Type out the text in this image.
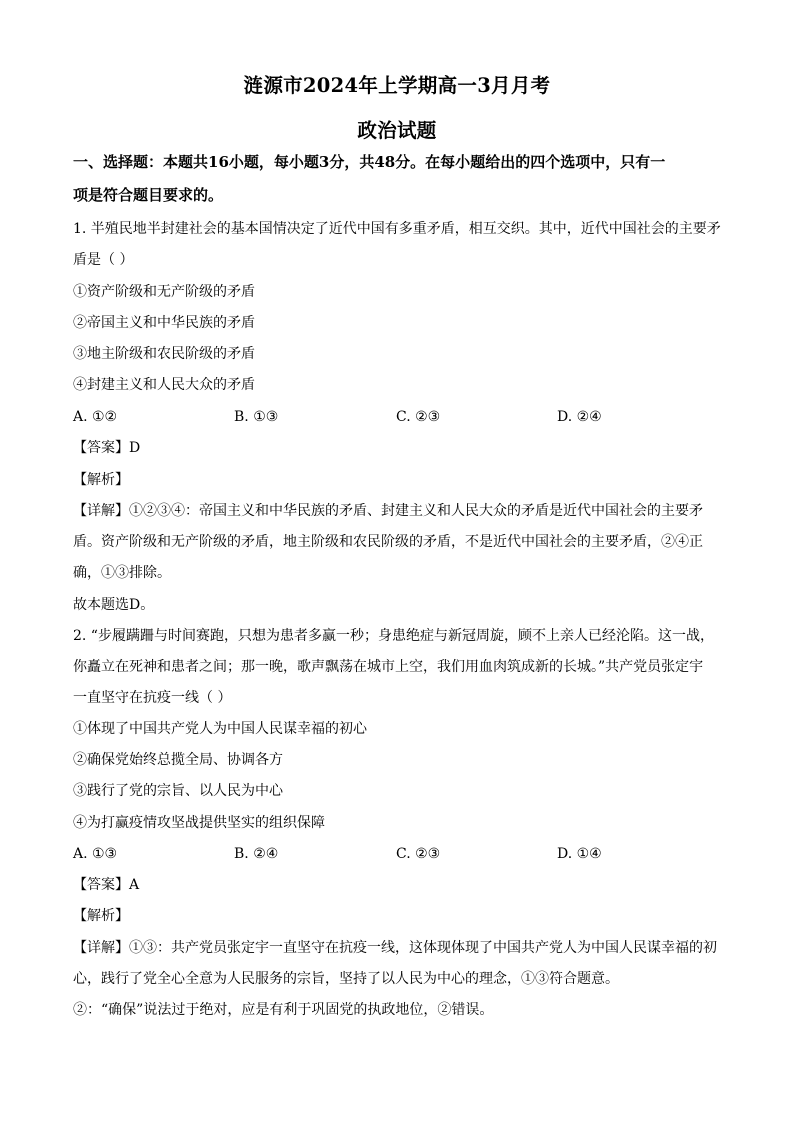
涟源市2024年上学期高一3月月考
政治试题
一、选择题：本题共16小题，每小题3分，共48分。在每小题给出的四个选项中，只有一
项是符合题目要求的。
1. 半殖民地半封建社会的基本国情决定了近代中国有多重矛盾，相互交织。其中，近代中国社会的主要矛
盾是（ ）
①资产阶级和无产阶级的矛盾
②帝国主义和中华民族的矛盾
③地主阶级和农民阶级的矛盾
④封建主义和人民大众的矛盾
A. ①②	B. ①③	C. ②③	D. ②④
【答案】D
【解析】
【详解】①②③④：帝国主义和中华民族的矛盾、封建主义和人民大众的矛盾是近代中国社会的主要矛
盾。资产阶级和无产阶级的矛盾，地主阶级和农民阶级的矛盾，不是近代中国社会的主要矛盾，②④正
确，①③排除。
故本题选D。
2. “步履蹒跚与时间赛跑，只想为患者多赢一秒；身患绝症与新冠周旋，顾不上亲人已经沦陷。这一战，
你矗立在死神和患者之间；那一晚，歌声飘荡在城市上空，我们用血肉筑成新的长城。”共产党员张定宇
一直坚守在抗疫一线（ ）
①体现了中国共产党人为中国人民谋幸福的初心
②确保党始终总揽全局、协调各方
③践行了党的宗旨、以人民为中心
④为打赢疫情攻坚战提供坚实的组织保障
A. ①③	B. ②④	C. ②③	D. ①④
【答案】A
【解析】
【详解】①③：共产党员张定宇一直坚守在抗疫一线，这体现体现了中国共产党人为中国人民谋幸福的初
心，践行了党全心全意为人民服务的宗旨，坚持了以人民为中心的理念，①③符合题意。
②：“确保”说法过于绝对，应是有利于巩固党的执政地位，②错误。
